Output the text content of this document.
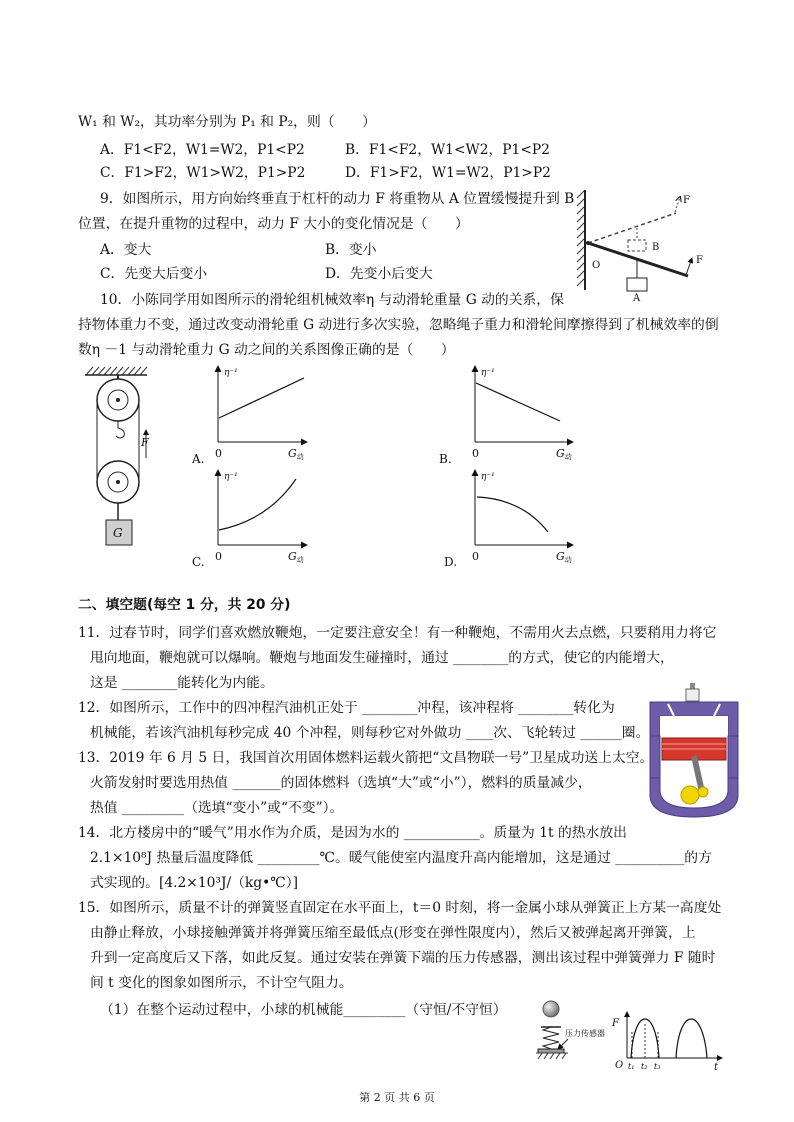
W₁ 和 W₂，其功率分别为 P₁ 和 P₂，则（　　）
A．F1<F2，W1=W2，P1<P2	B．F1<F2，W1<W2，P1<P2
C．F1>F2，W1>W2，P1>P2	D．F1>F2，W1=W2，P1>P2
9．如图所示，用方向始终垂直于杠杆的动力 F 将重物从 A 位置缓慢提升到 B
位置，在提升重物的过程中，动力 F 大小的变化情况是（　　）
A．变大	B．变小
C．先变大后变小	D．先变小后变大
F
F
O
B
A
10．小陈同学用如图所示的滑轮组机械效率η 与动滑轮重量 G 动的关系，保
持物体重力不变，通过改变动滑轮重 G 动进行多次实验，忽略绳子重力和滑轮间摩擦得到了机械效率的倒
数η －1 与动滑轮重力 G 动之间的关系图像正确的是（　　）
F
G
η⁻¹
0	G动
A.
η⁻¹
0	G动
B.
η⁻¹
0	G动
C.
η⁻¹
0	G动
D.
二、填空题(每空 1 分，共 20 分)
11．过春节时，同学们喜欢燃放鞭炮，一定要注意安全！有一种鞭炮，不需用火去点燃，只要稍用力将它
甩向地面，鞭炮就可以爆响。鞭炮与地面发生碰撞时，通过 ________的方式，使它的内能增大，
这是 ________能转化为内能。
12．如图所示，工作中的四冲程汽油机正处于 ________冲程，该冲程将 ________转化为
机械能，若该汽油机每秒完成 40 个冲程，则每秒它对外做功 ____次、飞轮转过 ______圈。
13．2019 年 6 月 5 日，我国首次用固体燃料运载火箭把“文昌物联一号”卫星成功送上太空。
火箭发射时要选用热值 _______的固体燃料（选填“大”或“小”），燃料的质量减少，
热值 _________（选填“变小”或“不变”）。
14．北方楼房中的“暖气”用水作为介质，是因为水的 ___________。质量为 1t 的热水放出
2.1×10⁸J 热量后温度降低 _________℃。暖气能使室内温度升高内能增加，这是通过 __________的方
式实现的。[4.2×10³J/（kg•℃）]
15．如图所示，质量不计的弹簧竖直固定在水平面上，t＝0 时刻，将一金属小球从弹簧正上方某一高度处
由静止释放，小球接触弹簧并将弹簧压缩至最低点(形变在弹性限度内），然后又被弹起离开弹簧，上
升到一定高度后又下落，如此反复。通过安装在弹簧下端的压力传感器，测出该过程中弹簧弹力 F 随时
间 t 变化的图象如图所示，不计空气阻力。
（1）在整个运动过程中，小球的机械能_________（守恒/不守恒）
压力传感器
F
O	t
t₁ t₂ t₃
第 2 页 共 6 页
